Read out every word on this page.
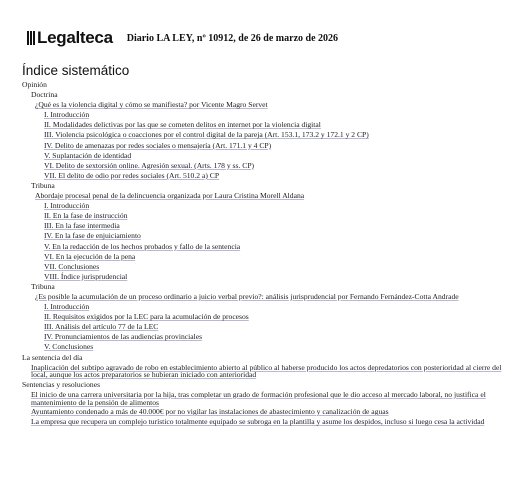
Legalteca Diario LA LEY, nº 10912, de 26 de marzo de 2026
Índice sistemático
Opinión
Doctrina
¿Qué es la violencia digital y cómo se manifiesta? por Vicente Magro Servet
I. Introducción
II. Modalidades delictivas por las que se cometen delitos en internet por la violencia digital
III. Violencia psicológica o coacciones por el control digital de la pareja (Art. 153.1, 173.2 y 172.1 y 2 CP)
IV. Delito de amenazas por redes sociales o mensajería (Art. 171.1 y 4 CP)
V. Suplantación de identidad
VI. Delito de sextorsión online. Agresión sexual. (Arts. 178 y ss. CP)
VII. El delito de odio por redes sociales (Art. 510.2 a) CP
Tribuna
Abordaje procesal penal de la delincuencia organizada por Laura Cristina Morell Aldana
I. Introducción
II. En la fase de instrucción
III. En la fase intermedia
IV. En la fase de enjuiciamiento
V. En la redacción de los hechos probados y fallo de la sentencia
VI. En la ejecución de la pena
VII. Conclusiones
VIII. Índice jurisprudencial
Tribuna
¿Es posible la acumulación de un proceso ordinario a juicio verbal previo?: análisis jurisprudencial por Fernando Fernández-Cotta Andrade
I. Introducción
II. Requisitos exigidos por la LEC para la acumulación de procesos
III. Análisis del artículo 77 de la LEC
IV. Pronunciamientos de las audiencias provinciales
V. Conclusiones
La sentencia del día
Inaplicación del subtipo agravado de robo en establecimiento abierto al público al haberse producido los actos depredatorios con posterioridad al cierre del local, aunque los actos preparatorios se hubieran iniciado con anterioridad
Sentencias y resoluciones
El inicio de una carrera universitaria por la hija, tras completar un grado de formación profesional que le dio acceso al mercado laboral, no justifica el mantenimiento de la pensión de alimentos
Ayuntamiento condenado a más de 40.000€ por no vigilar las instalaciones de abastecimiento y canalización de aguas
La empresa que recupera un complejo turístico totalmente equipado se subroga en la plantilla y asume los despidos, incluso si luego cesa la actividad
